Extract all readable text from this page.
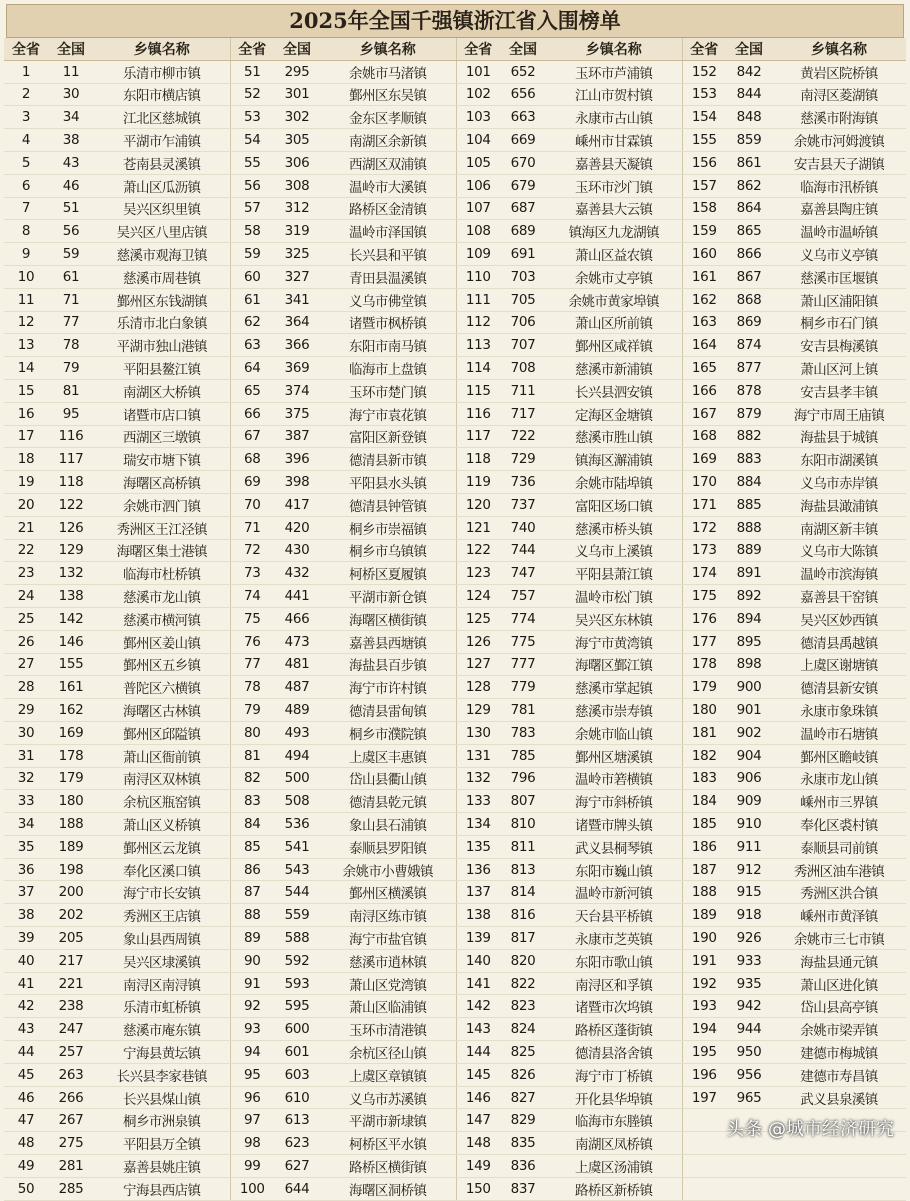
2025年全国千强镇浙江省入围榜单
全省	全国	乡镇名称	全省	全国	乡镇名称	全省	全国	乡镇名称	全省	全国	乡镇名称
1	11	乐清市柳市镇	51	295	余姚市马渚镇	101	652	玉环市芦浦镇	152	842	黄岩区院桥镇
2	30	东阳市横店镇	52	301	鄞州区东吴镇	102	656	江山市贺村镇	153	844	南浔区菱湖镇
3	34	江北区慈城镇	53	302	金东区孝顺镇	103	663	永康市古山镇	154	848	慈溪市附海镇
4	38	平湖市乍浦镇	54	305	南湖区余新镇	104	669	嵊州市甘霖镇	155	859	余姚市河姆渡镇
5	43	苍南县灵溪镇	55	306	西湖区双浦镇	105	670	嘉善县天凝镇	156	861	安吉县天子湖镇
6	46	萧山区瓜沥镇	56	308	温岭市大溪镇	106	679	玉环市沙门镇	157	862	临海市汛桥镇
7	51	吴兴区织里镇	57	312	路桥区金清镇	107	687	嘉善县大云镇	158	864	嘉善县陶庄镇
8	56	吴兴区八里店镇	58	319	温岭市泽国镇	108	689	镇海区九龙湖镇	159	865	温岭市温峤镇
9	59	慈溪市观海卫镇	59	325	长兴县和平镇	109	691	萧山区益农镇	160	866	义乌市义亭镇
10	61	慈溪市周巷镇	60	327	青田县温溪镇	110	703	余姚市丈亭镇	161	867	慈溪市匡堰镇
11	71	鄞州区东钱湖镇	61	341	义乌市佛堂镇	111	705	余姚市黄家埠镇	162	868	萧山区浦阳镇
12	77	乐清市北白象镇	62	364	诸暨市枫桥镇	112	706	萧山区所前镇	163	869	桐乡市石门镇
13	78	平湖市独山港镇	63	366	东阳市南马镇	113	707	鄞州区咸祥镇	164	874	安吉县梅溪镇
14	79	平阳县鳌江镇	64	369	临海市上盘镇	114	708	慈溪市新浦镇	165	877	萧山区河上镇
15	81	南湖区大桥镇	65	374	玉环市楚门镇	115	711	长兴县泗安镇	166	878	安吉县孝丰镇
16	95	诸暨市店口镇	66	375	海宁市袁花镇	116	717	定海区金塘镇	167	879	海宁市周王庙镇
17	116	西湖区三墩镇	67	387	富阳区新登镇	117	722	慈溪市胜山镇	168	882	海盐县于城镇
18	117	瑞安市塘下镇	68	396	德清县新市镇	118	729	镇海区澥浦镇	169	883	东阳市湖溪镇
19	118	海曙区高桥镇	69	398	平阳县水头镇	119	736	余姚市陆埠镇	170	884	义乌市赤岸镇
20	122	余姚市泗门镇	70	417	德清县钟管镇	120	737	富阳区场口镇	171	885	海盐县澉浦镇
21	126	秀洲区王江泾镇	71	420	桐乡市崇福镇	121	740	慈溪市桥头镇	172	888	南湖区新丰镇
22	129	海曙区集士港镇	72	430	桐乡市乌镇镇	122	744	义乌市上溪镇	173	889	义乌市大陈镇
23	132	临海市杜桥镇	73	432	柯桥区夏履镇	123	747	平阳县萧江镇	174	891	温岭市滨海镇
24	138	慈溪市龙山镇	74	441	平湖市新仓镇	124	757	温岭市松门镇	175	892	嘉善县干窑镇
25	142	慈溪市横河镇	75	466	海曙区横街镇	125	774	吴兴区东林镇	176	894	吴兴区妙西镇
26	146	鄞州区姜山镇	76	473	嘉善县西塘镇	126	775	海宁市黄湾镇	177	895	德清县禹越镇
27	155	鄞州区五乡镇	77	481	海盐县百步镇	127	777	海曙区鄞江镇	178	898	上虞区谢塘镇
28	161	普陀区六横镇	78	487	海宁市许村镇	128	779	慈溪市掌起镇	179	900	德清县新安镇
29	162	海曙区古林镇	79	489	德清县雷甸镇	129	781	慈溪市崇寿镇	180	901	永康市象珠镇
30	169	鄞州区邱隘镇	80	493	桐乡市濮院镇	130	783	余姚市临山镇	181	902	温岭市石塘镇
31	178	萧山区衙前镇	81	494	上虞区丰惠镇	131	785	鄞州区塘溪镇	182	904	鄞州区瞻岐镇
32	179	南浔区双林镇	82	500	岱山县衢山镇	132	796	温岭市箬横镇	183	906	永康市龙山镇
33	180	余杭区瓶窑镇	83	508	德清县乾元镇	133	807	海宁市斜桥镇	184	909	嵊州市三界镇
34	188	萧山区义桥镇	84	536	象山县石浦镇	134	810	诸暨市牌头镇	185	910	奉化区裘村镇
35	189	鄞州区云龙镇	85	541	泰顺县罗阳镇	135	811	武义县桐琴镇	186	911	泰顺县司前镇
36	198	奉化区溪口镇	86	543	余姚市小曹娥镇	136	813	东阳市巍山镇	187	912	秀洲区油车港镇
37	200	海宁市长安镇	87	544	鄞州区横溪镇	137	814	温岭市新河镇	188	915	秀洲区洪合镇
38	202	秀洲区王店镇	88	559	南浔区练市镇	138	816	天台县平桥镇	189	918	嵊州市黄泽镇
39	205	象山县西周镇	89	588	海宁市盐官镇	139	817	永康市芝英镇	190	926	余姚市三七市镇
40	217	吴兴区埭溪镇	90	592	慈溪市逍林镇	140	820	东阳市歌山镇	191	933	海盐县通元镇
41	221	南浔区南浔镇	91	593	萧山区党湾镇	141	822	南浔区和孚镇	192	935	萧山区进化镇
42	238	乐清市虹桥镇	92	595	萧山区临浦镇	142	823	诸暨市次坞镇	193	942	岱山县高亭镇
43	247	慈溪市庵东镇	93	600	玉环市清港镇	143	824	路桥区蓬街镇	194	944	余姚市梁弄镇
44	257	宁海县黄坛镇	94	601	余杭区径山镇	144	825	德清县洛舍镇	195	950	建德市梅城镇
45	263	长兴县李家巷镇	95	603	上虞区章镇镇	145	826	海宁市丁桥镇	196	956	建德市寿昌镇
46	266	长兴县煤山镇	96	610	义乌市苏溪镇	146	827	开化县华埠镇	197	965	武义县泉溪镇
47	267	桐乡市洲泉镇	97	613	平湖市新埭镇	147	829	临海市东塍镇			
48	275	平阳县万全镇	98	623	柯桥区平水镇	148	835	南湖区凤桥镇			
49	281	嘉善县姚庄镇	99	627	路桥区横街镇	149	836	上虞区汤浦镇			
50	285	宁海县西店镇	100	644	海曙区洞桥镇	150	837	路桥区新桥镇			
头条 @城市经济研究
